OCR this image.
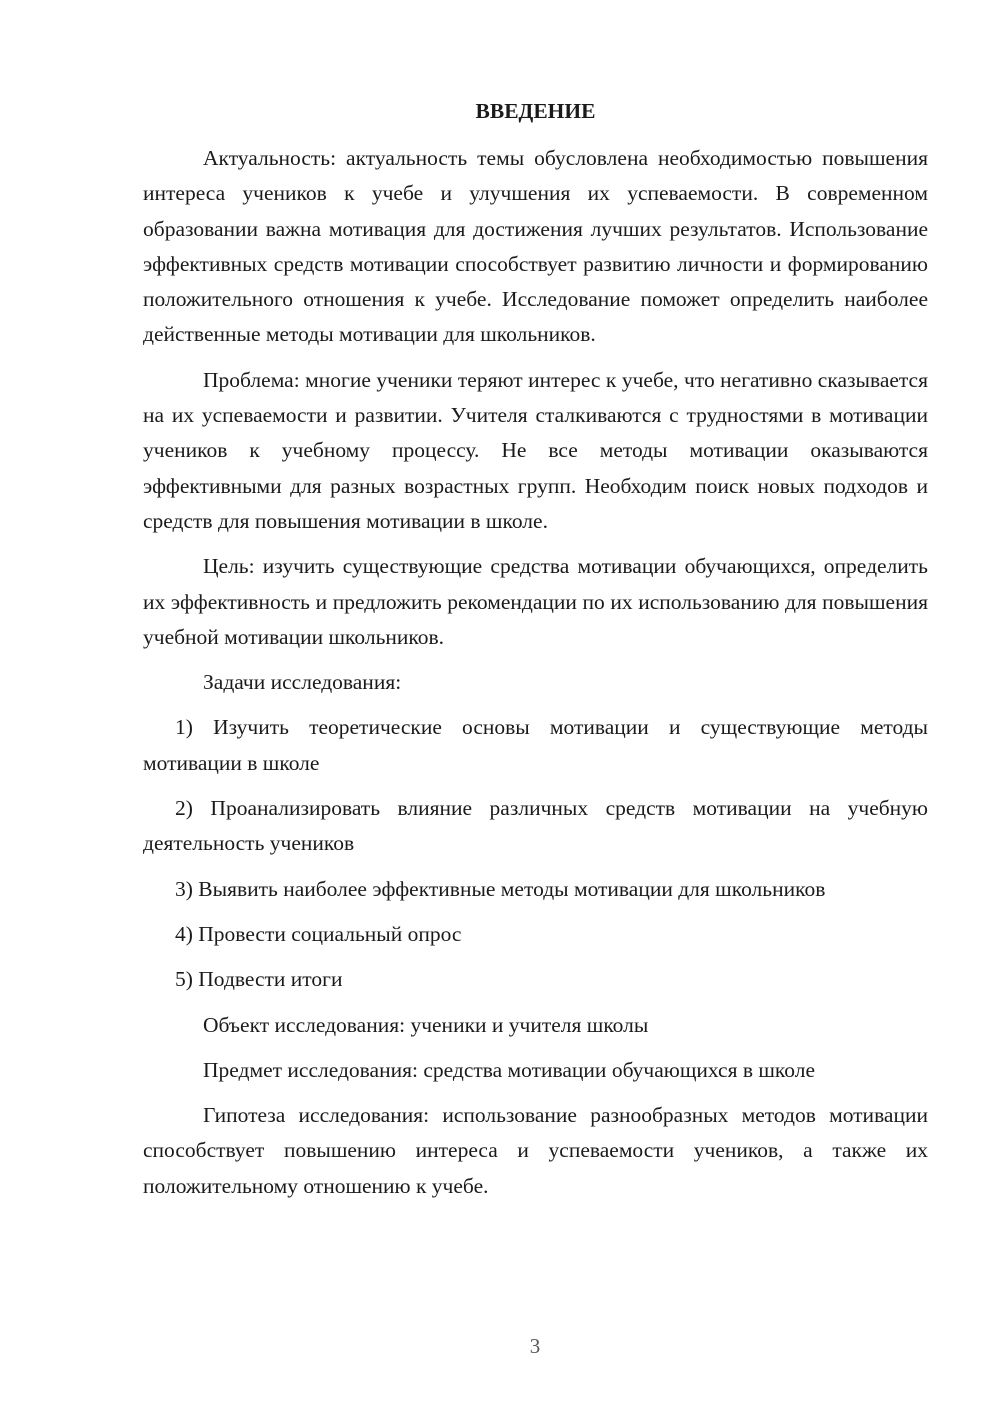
ВВЕДЕНИЕ

Актуальность: актуальность темы обусловлена необходимостью повышения интереса учеников к учебе и улучшения их успеваемости. В современном образовании важна мотивация для достижения лучших результатов. Использование эффективных средств мотивации способствует развитию личности и формированию положительного отношения к учебе. Исследование поможет определить наиболее действенные методы мотивации для школьников.

Проблема: многие ученики теряют интерес к учебе, что негативно сказывается на их успеваемости и развитии. Учителя сталкиваются с трудностями в мотивации учеников к учебному процессу. Не все методы мотивации оказываются эффективными для разных возрастных групп. Необходим поиск новых подходов и средств для повышения мотивации в школе.

Цель: изучить существующие средства мотивации обучающихся, определить их эффективность и предложить рекомендации по их использованию для повышения учебной мотивации школьников.

Задачи исследования:

1) Изучить теоретические основы мотивации и существующие методы мотивации в школе

2) Проанализировать влияние различных средств мотивации на учебную деятельность учеников

3) Выявить наиболее эффективные методы мотивации для школьников

4) Провести социальный опрос

5) Подвести итоги

Объект исследования: ученики и учителя школы

Предмет исследования: средства мотивации обучающихся в школе

Гипотеза исследования: использование разнообразных методов мотивации способствует повышению интереса и успеваемости учеников, а также их положительному отношению к учебе.

3
